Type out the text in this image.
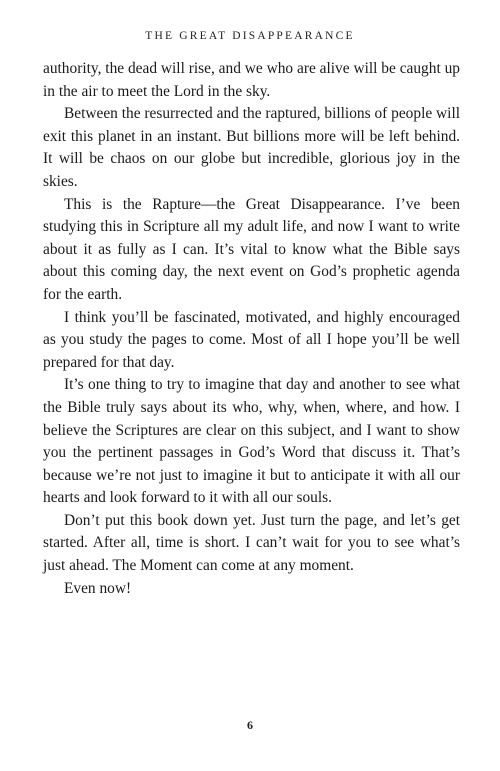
THE GREAT DISAPPEARANCE

authority, the dead will rise, and we who are alive will be caught up in the air to meet the Lord in the sky.

Between the resurrected and the raptured, billions of people will exit this planet in an instant. But billions more will be left behind. It will be chaos on our globe but incredible, glorious joy in the skies.

This is the Rapture—the Great Disappearance. I’ve been studying this in Scripture all my adult life, and now I want to write about it as fully as I can. It’s vital to know what the Bible says about this coming day, the next event on God’s prophetic agenda for the earth.

I think you’ll be fascinated, motivated, and highly encouraged as you study the pages to come. Most of all I hope you’ll be well prepared for that day.

It’s one thing to try to imagine that day and another to see what the Bible truly says about its who, why, when, where, and how. I believe the Scriptures are clear on this subject, and I want to show you the pertinent passages in God’s Word that discuss it. That’s because we’re not just to imagine it but to anticipate it with all our hearts and look forward to it with all our souls.

Don’t put this book down yet. Just turn the page, and let’s get started. After all, time is short. I can’t wait for you to see what’s just ahead. The Moment can come at any moment.

Even now!

6
